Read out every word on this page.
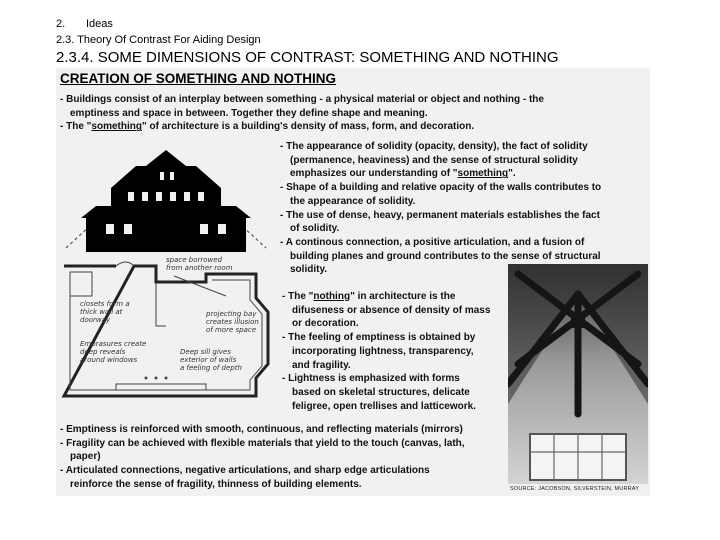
2. Ideas
2.3. Theory Of Contrast For Aiding Design
2.3.4. SOME DIMENSIONS OF CONTRAST: SOMETHING AND NOTHING
CREATION OF SOMETHING AND NOTHING

- Buildings consist of an interplay between something - a physical material or object and nothing - the

emptiness and space in between. Together they define shape and meaning.

- The "something" of architecture is a building's density of mass, form, and decoration.

- The appearance of solidity (opacity, density), the fact of solidity

(permanence, heaviness) and the sense of structural solidity

emphasizes our understanding of "something".

- Shape of a building and relative opacity of the walls contributes to

the appearance of solidity.

- The use of dense, heavy, permanent materials establishes the fact

of solidity.

- A continous connection, a positive articulation, and a fusion of

building planes and ground contributes to the sense of structural

solidity.

- The "nothing" in architecture is the

difuseness or absence of density of mass

or decoration.

- The feeling of emptiness is obtained by

incorporating lightness, transparency,

and fragility.

- Lightness is emphasized with forms

based on skeletal structures, delicate

feligree, open trellises and latticework.

- Emptiness is reinforced with smooth, continuous, and reflecting materials (mirrors)

- Fragility can be achieved with flexible materials that yield to the touch (canvas, lath,

paper)

- Articulated connections, negative articulations, and sharp edge articulations

reinforce the sense of fragility, thinness of building elements.

space borrowed
from another room
closets form a
thick wall at
doorway
projecting bay
creates illusion
of more space
Embrasures create
deep reveals
around windows
Deep sill gives
exterior of walls
a feeling of depth
SOURCE: JACOBSON, SILVERSTEIN, MURRAY
